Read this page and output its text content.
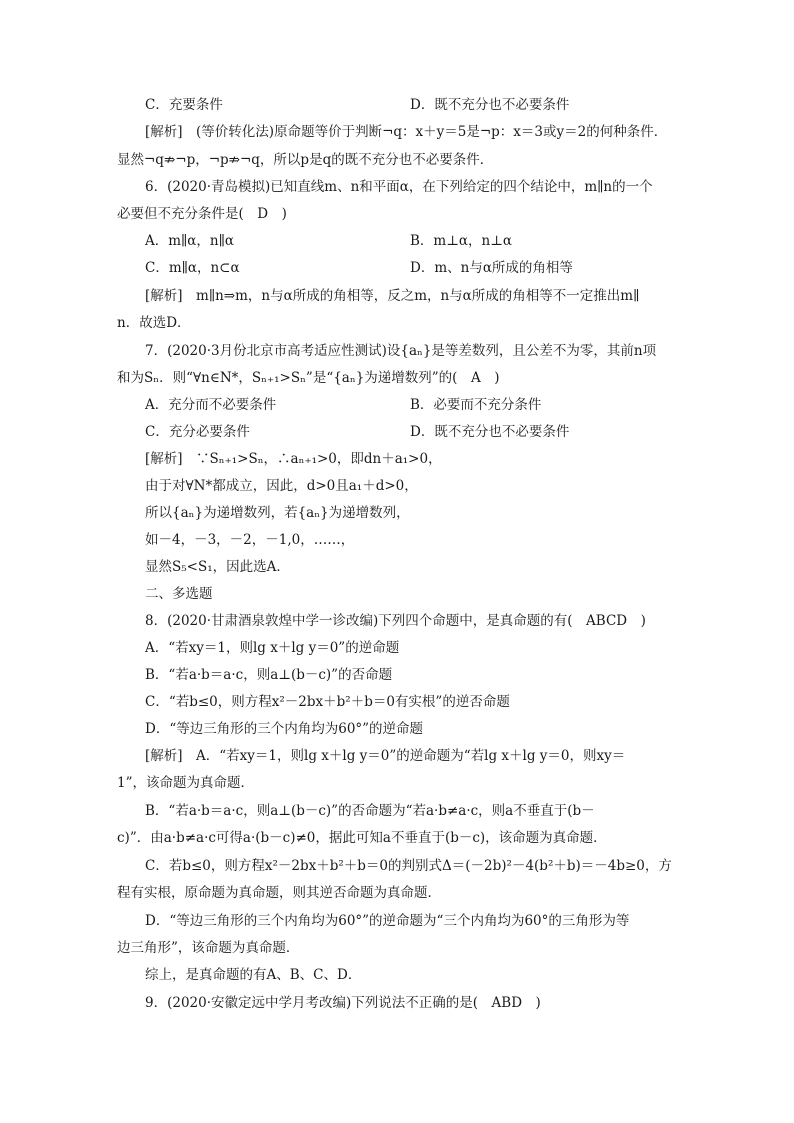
C．充要条件	D．既不充分也不必要条件
[解析]　(等价转化法)原命题等价于判断¬q：x＋y＝5是¬p：x＝3或y＝2的何种条件．
显然¬q⇏¬p，¬p⇏¬q，所以p是q的既不充分也不必要条件．
6．(2020·青岛模拟)已知直线m、n和平面α，在下列给定的四个结论中，m∥n的一个
必要但不充分条件是(　D　)
A．m∥α，n∥α	B．m⊥α，n⊥α
C．m∥α，n⊂α	D．m、n与α所成的角相等
[解析]　m∥n⇒m，n与α所成的角相等，反之m，n与α所成的角相等不一定推出m∥
n．故选D．
7．(2020·3月份北京市高考适应性测试)设{aₙ}是等差数列，且公差不为零，其前n项
和为Sₙ．则“∀n∈N*，Sₙ₊₁>Sₙ”是“{aₙ}为递增数列”的(　A　)
A．充分而不必要条件	B．必要而不充分条件
C．充分必要条件	D．既不充分也不必要条件
[解析]　∵Sₙ₊₁>Sₙ，∴aₙ₊₁>0，即dn＋a₁>0，
由于对∀N*都成立，因此，d>0且a₁＋d>0，
所以{aₙ}为递增数列，若{aₙ}为递增数列，
如－4，－3，－2，－1,0，……，
显然S₅<S₁，因此选A．
二、多选题
8．(2020·甘肃酒泉敦煌中学一诊改编)下列四个命题中，是真命题的有(　ABCD　)
A．“若xy＝1，则lg x＋lg y＝0”的逆命题
B．“若a·b＝a·c，则a⊥(b－c)”的否命题
C．“若b≤0，则方程x²－2bx＋b²＋b＝0有实根”的逆否命题
D．“等边三角形的三个内角均为60°”的逆命题
[解析]　A．“若xy＝1，则lg x＋lg y＝0”的逆命题为“若lg x＋lg y＝0，则xy＝
1”，该命题为真命题．
B．“若a·b＝a·c，则a⊥(b－c)”的否命题为“若a·b≠a·c，则a不垂直于(b－
c)”．由a·b≠a·c可得a·(b－c)≠0，据此可知a不垂直于(b－c)，该命题为真命题．
C．若b≤0，则方程x²－2bx＋b²＋b＝0的判别式Δ＝(－2b)²－4(b²＋b)＝－4b≥0，方
程有实根，原命题为真命题，则其逆否命题为真命题．
D．“等边三角形的三个内角均为60°”的逆命题为“三个内角均为60°的三角形为等
边三角形”，该命题为真命题．
综上，是真命题的有A、B、C、D．
9．(2020·安徽定远中学月考改编)下列说法不正确的是(　ABD　)
